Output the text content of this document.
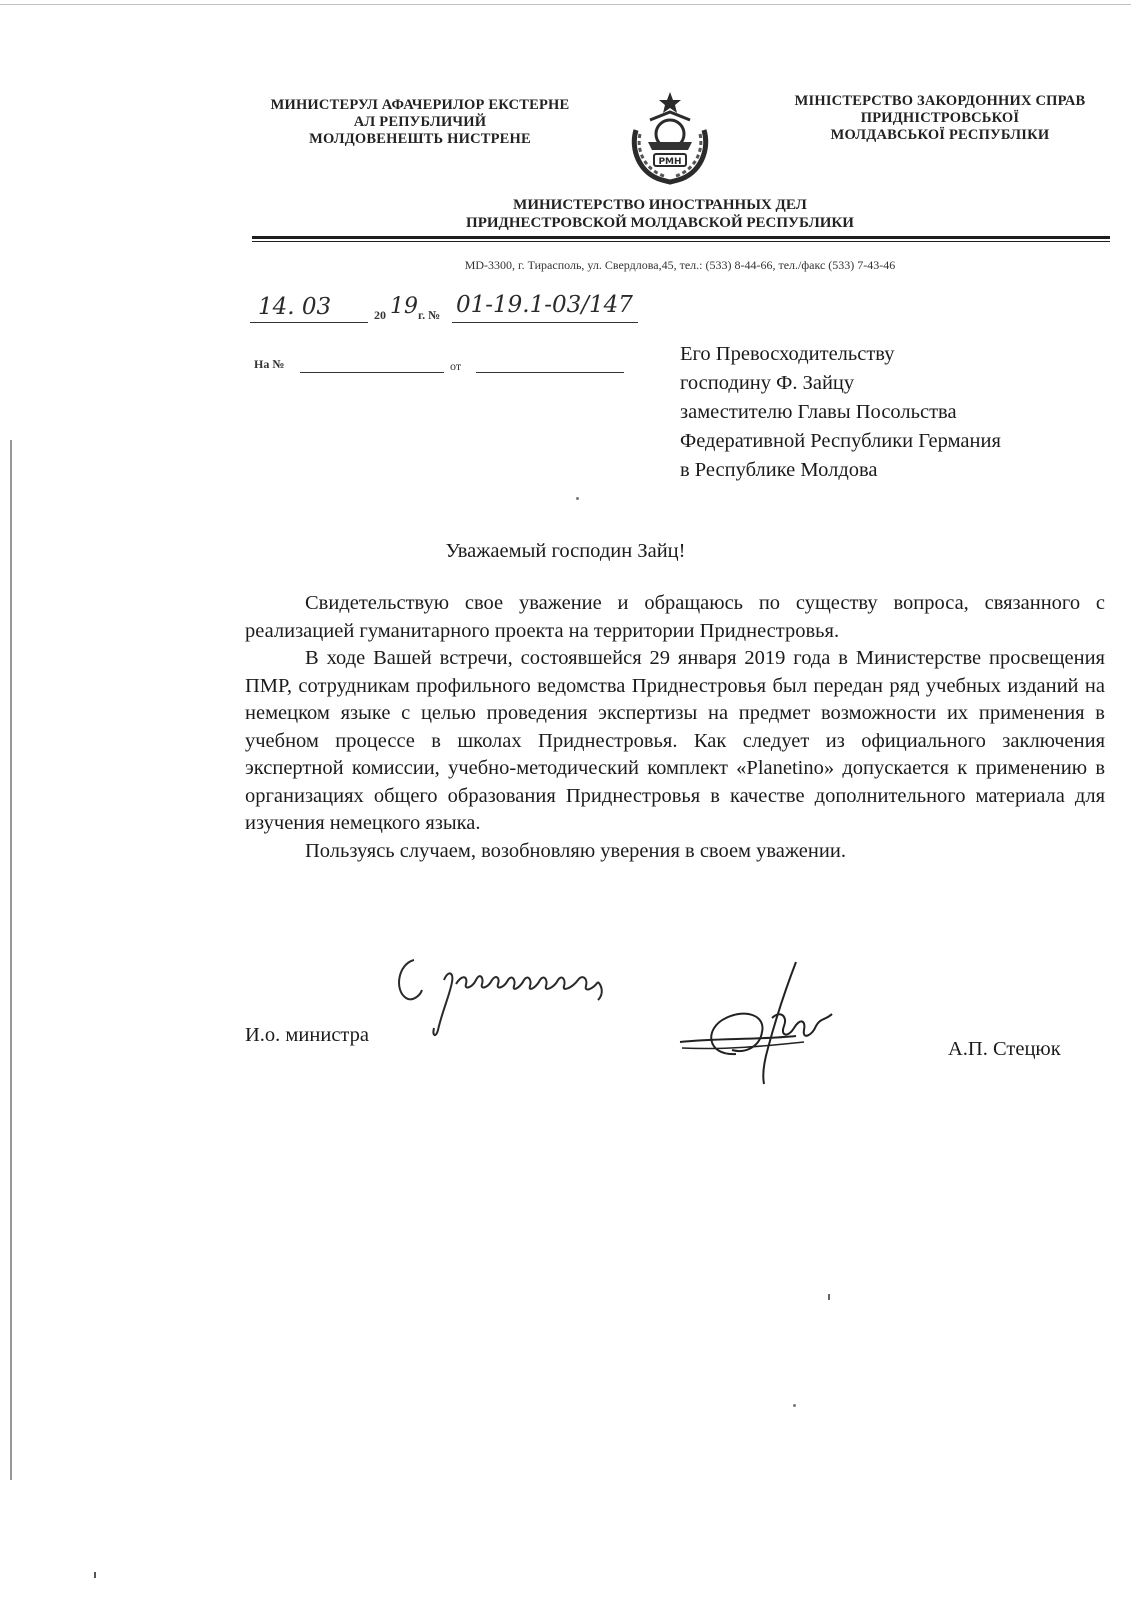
МИНИСТЕРУЛ АФАЧЕРИЛОР ЕКСТЕРНЕ
АЛ РЕПУБЛИЧИЙ
МОЛДОВЕНЕШТЬ НИСТРЕНЕ
РМН
МІНІСТЕРСТВО ЗАКОРДОННИХ СПРАВ
ПРИДНІСТРОВСЬКОЇ
МОЛДАВСЬКОЇ РЕСПУБЛІКИ
МИНИСТЕРСТВО ИНОСТРАННЫХ ДЕЛ
ПРИДНЕСТРОВСКОЙ МОЛДАВСКОЙ РЕСПУБЛИКИ
MD-3300, г. Тирасполь, ул. Свердлова,45, тел.: (533) 8-44-66, тел./факс (533) 7-43-46
14. 03	20 19 г. № 01-19.1-03/147
На №	от
Его Превосходительству
господину Ф. Зайцу
заместителю Главы Посольства
Федеративной Республики Германия
в Республике Молдова
Уважаемый господин Зайц!

Свидетельствую свое уважение и обращаюсь по существу вопроса, связанного с реализацией гуманитарного проекта на территории Приднестровья.

В ходе Вашей встречи, состоявшейся 29 января 2019 года в Министерстве просвещения ПМР, сотрудникам профильного ведомства Приднестровья был передан ряд учебных изданий на немецком языке с целью проведения экспертизы на предмет возможности их применения в учебном процессе в школах Приднестровья. Как следует из официального заключения экспертной комиссии, учебно-методический комплект «Planetino» допускается к применению в организациях общего образования Приднестровья в качестве дополнительного материала для изучения немецкого языка.

Пользуясь случаем, возобновляю уверения в своем уважении.

И.о. министра
А.П. Стецюк
